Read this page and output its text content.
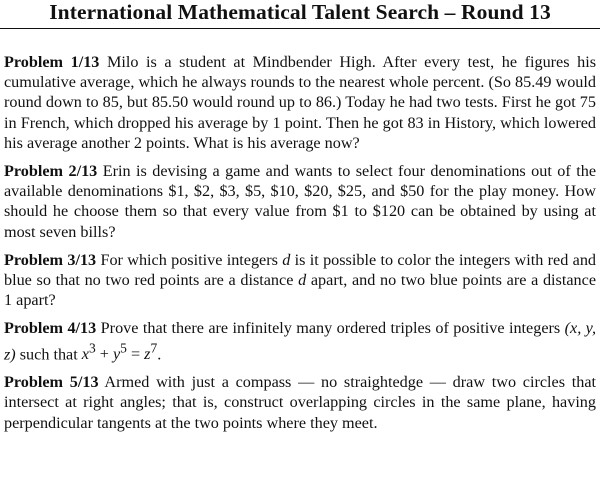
International Mathematical Talent Search – Round 13

Problem 1/13 Milo is a student at Mindbender High. After every test, he figures his cumulative average, which he always rounds to the nearest whole percent. (So 85.49 would round down to 85, but 85.50 would round up to 86.) Today he had two tests. First he got 75 in French, which dropped his average by 1 point. Then he got 83 in History, which lowered his average another 2 points. What is his average now?

Problem 2/13 Erin is devising a game and wants to select four denominations out of the available denominations $1, $2, $3, $5, $10, $20, $25, and $50 for the play money. How should he choose them so that every value from $1 to $120 can be obtained by using at most seven bills?

Problem 3/13 For which positive integers d is it possible to color the integers with red and blue so that no two red points are a distance d apart, and no two blue points are a distance 1 apart?

Problem 4/13 Prove that there are infinitely many ordered triples of positive integers (x, y, z) such that $x^3 + y^5 = z^7$.

Problem 5/13 Armed with just a compass — no straightedge — draw two circles that intersect at right angles; that is, construct overlapping circles in the same plane, having perpendicular tangents at the two points where they meet.
